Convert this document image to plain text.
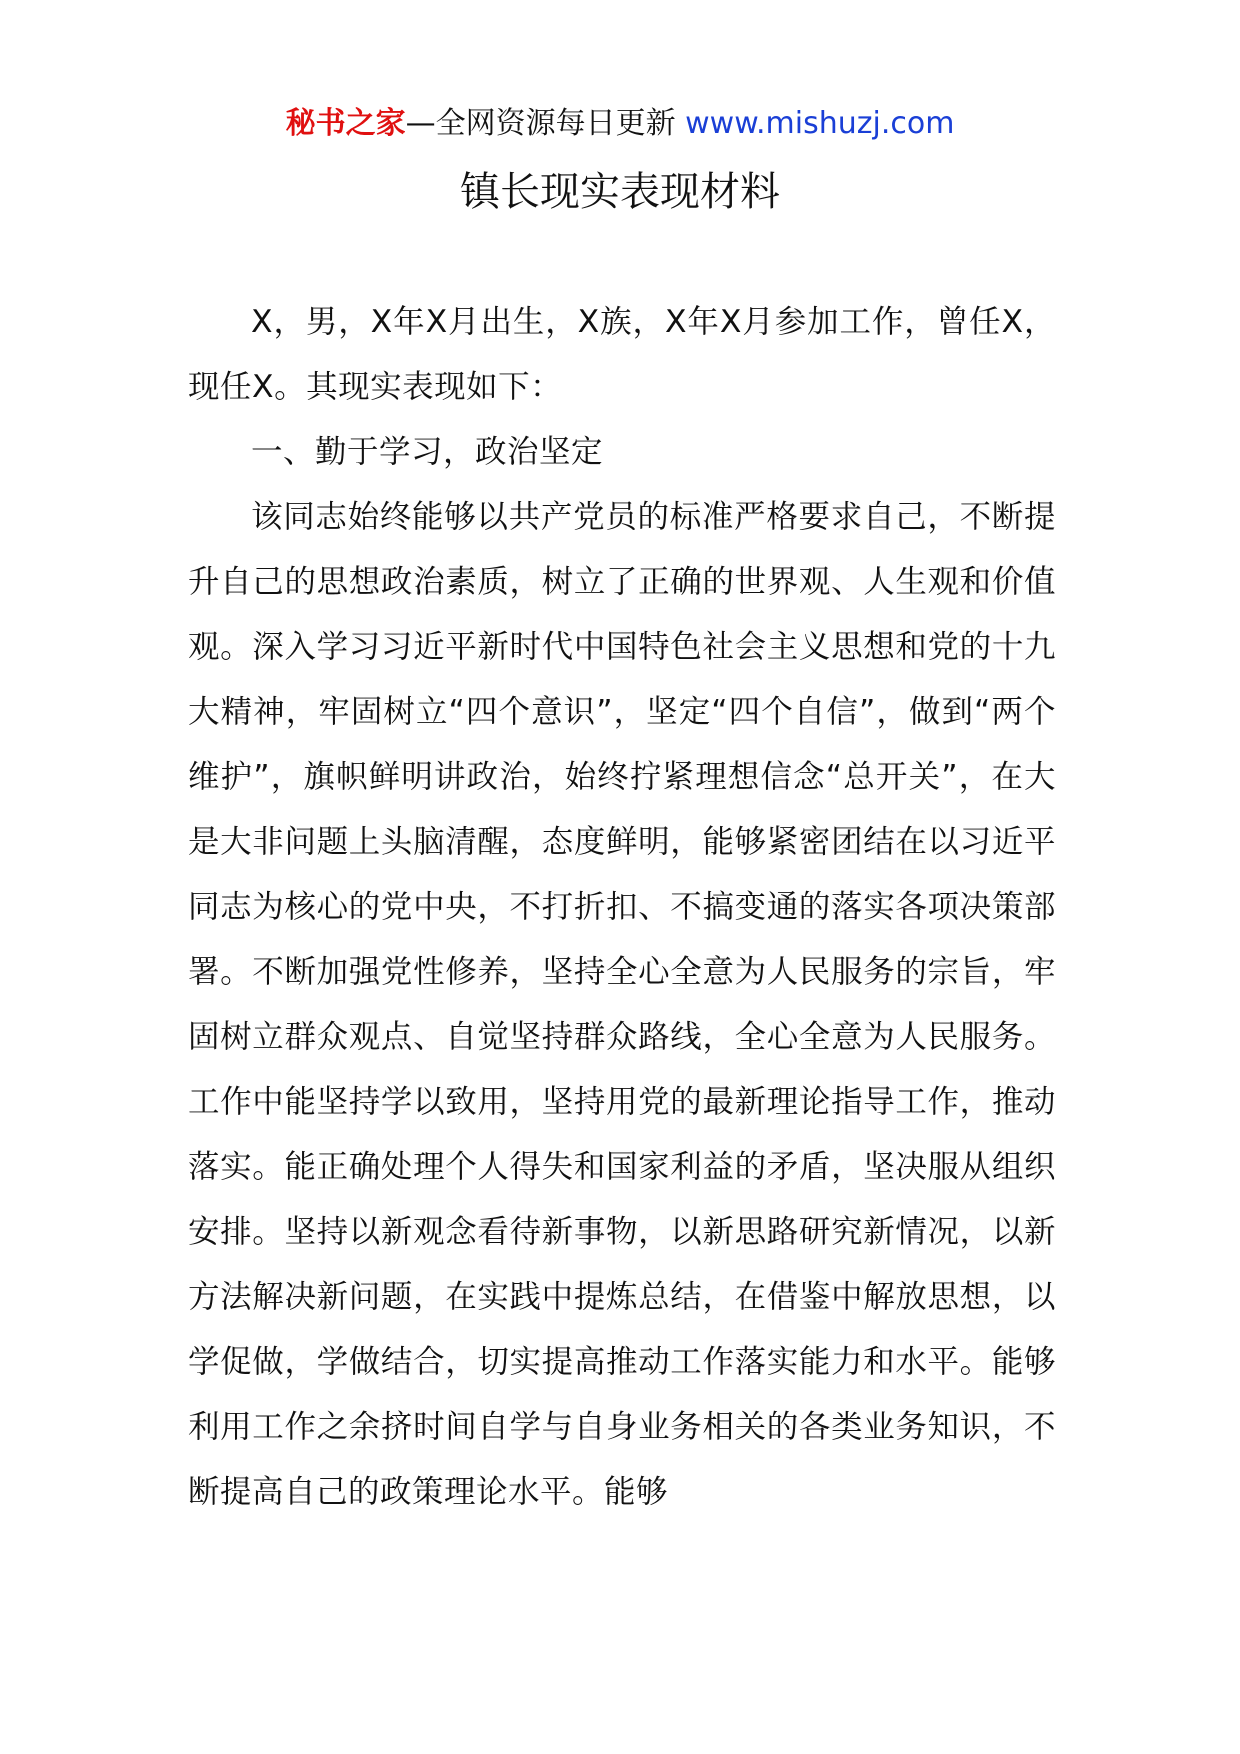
秘书之家—全网资源每日更新 www.mishuzj.com
镇长现实表现材料

X，男，X年X月出生，X族，X年X月参加工作，曾任X，现任X。其现实表现如下：

一、勤于学习，政治坚定

该同志始终能够以共产党员的标准严格要求自己，不断提升自己的思想政治素质，树立了正确的世界观、人生观和价值观。深入学习习近平新时代中国特色社会主义思想和党的十九大精神，牢固树立“四个意识”，坚定“四个自信”，做到“两个维护”，旗帜鲜明讲政治，始终拧紧理想信念“总开关”，在大是大非问题上头脑清醒，态度鲜明，能够紧密团结在以习近平同志为核心的党中央，不打折扣、不搞变通的落实各项决策部署。不断加强党性修养，坚持全心全意为人民服务的宗旨，牢固树立群众观点、自觉坚持群众路线，全心全意为人民服务。工作中能坚持学以致用，坚持用党的最新理论指导工作，推动落实。能正确处理个人得失和国家利益的矛盾，坚决服从组织安排。坚持以新观念看待新事物，以新思路研究新情况，以新方法解决新问题，在实践中提炼总结，在借鉴中解放思想，以学促做，学做结合，切实提高推动工作落实能力和水平。能够利用工作之余挤时间自学与自身业务相关的各类业务知识，不断提高自己的政策理论水平。能够
